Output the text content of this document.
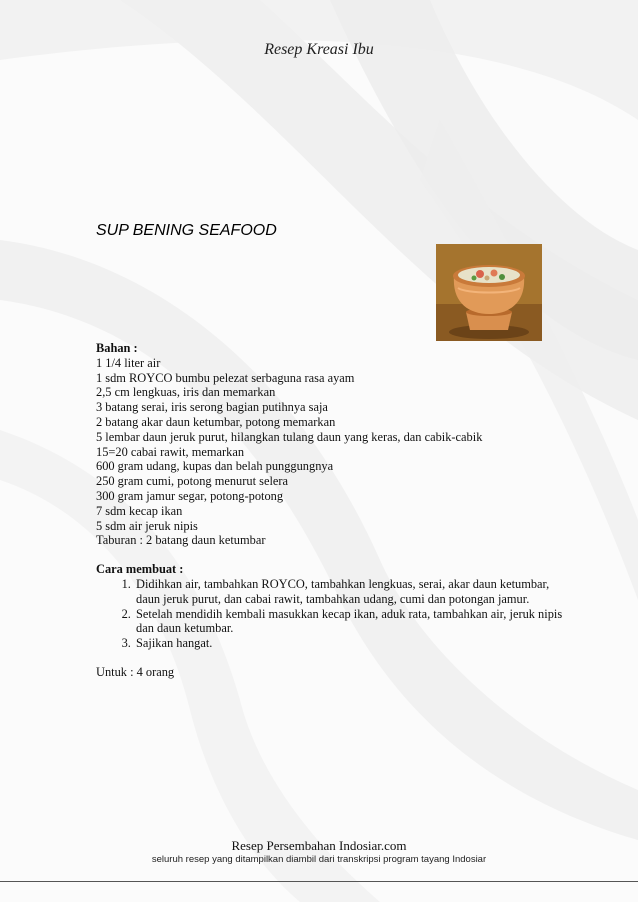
Resep Kreasi Ibu
SUP BENING SEAFOOD
Bahan :
1 1/4 liter air
1 sdm ROYCO bumbu pelezat serbaguna rasa ayam
2,5 cm lengkuas, iris dan memarkan
3 batang serai, iris serong bagian putihnya saja
2 batang akar daun ketumbar, potong memarkan
5 lembar daun jeruk purut, hilangkan tulang daun yang keras, dan cabik-cabik
15=20 cabai rawit, memarkan
600 gram udang, kupas dan belah punggungnya
250 gram cumi, potong menurut selera
300 gram jamur segar, potong-potong
7 sdm kecap ikan
5 sdm air jeruk nipis
Taburan : 2 batang daun ketumbar
Cara membuat :
1. Didihkan air, tambahkan ROYCO, tambahkan lengkuas, serai, akar daun ketumbar, daun jeruk purut, dan cabai rawit, tambahkan udang, cumi dan potongan jamur.
2. Setelah mendidih kembali masukkan kecap ikan, aduk rata, tambahkan air, jeruk nipis dan daun ketumbar.
3. Sajikan hangat.
Untuk : 4 orang
Resep Persembahan Indosiar.com
seluruh resep yang ditampilkan diambil dari transkripsi program tayang Indosiar
